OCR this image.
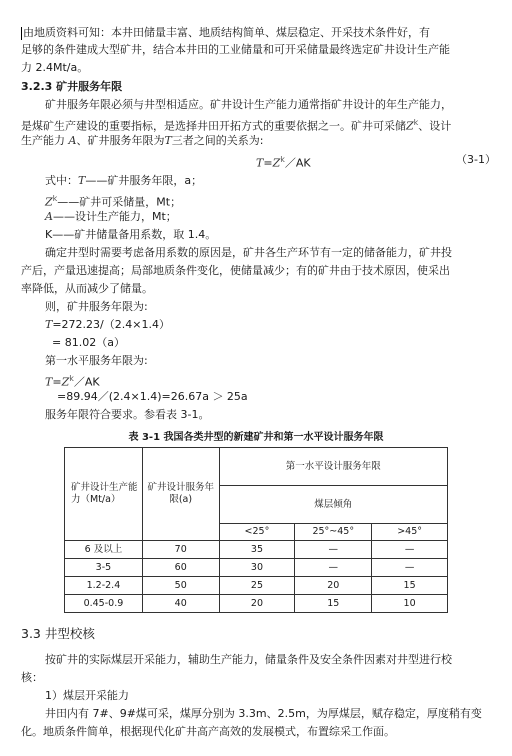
由地质资料可知：本井田储量丰富、地质结构简单、煤层稳定、开采技术条件好，有
足够的条件建成大型矿井，结合本井田的工业储量和可开采储量最终选定矿井设计生产能
力 2.4Mt/a。
3.2.3 矿井服务年限
矿井服务年限必须与井型相适应。矿井设计生产能力通常指矿井设计的年生产能力，
是煤矿生产建设的重要指标，是选择井田开拓方式的重要依据之一。矿井可采储$Z^k$、设计
生产能力 A、矿井服务年限为T三者之间的关系为:
$T=Z^k/AK$	（3-1）
式中：T——矿井服务年限，a；
$Z^k——$矿井可采储量，Mt；
A——设计生产能力，Mt；
K——矿井储量备用系数，取 1.4。
确定井型时需要考虑备用系数的原因是，矿井各生产环节有一定的储备能力，矿井投
产后，产量迅速提高；局部地质条件变化，使储量减少；有的矿井由于技术原因，使采出
率降低，从而减少了储量。
则，矿井服务年限为:
T=272.23/（2.4×1.4）
= 81.02（a）
第一水平服务年限为:
$T=Z^k/AK$
=89.94／(2.4×1.4)=26.67a ＞ 25a
服务年限符合要求。参看表 3-1。
表 3-1 我国各类井型的新建矿井和第一水平设计服务年限
矿井设计生产能力（Mt/a）	矿井设计服务年限(a)	第一水平设计服务年限		
		煤层倾角		
		<25°	25°~45°	>45°
6 及以上	70	35	—	—
3-5	60	30	—	—
1.2-2.4	50	25	20	15
0.45-0.9	40	20	15	10
3.3 井型校核
按矿井的实际煤层开采能力，辅助生产能力，储量条件及安全条件因素对井型进行校
核：
1）煤层开采能力
井田内有 7#、9#煤可采，煤厚分别为 3.3m、2.5m，为厚煤层，赋存稳定，厚度稍有变
化。地质条件简单，根据现代化矿井高产高效的发展模式，布置综采工作面。
